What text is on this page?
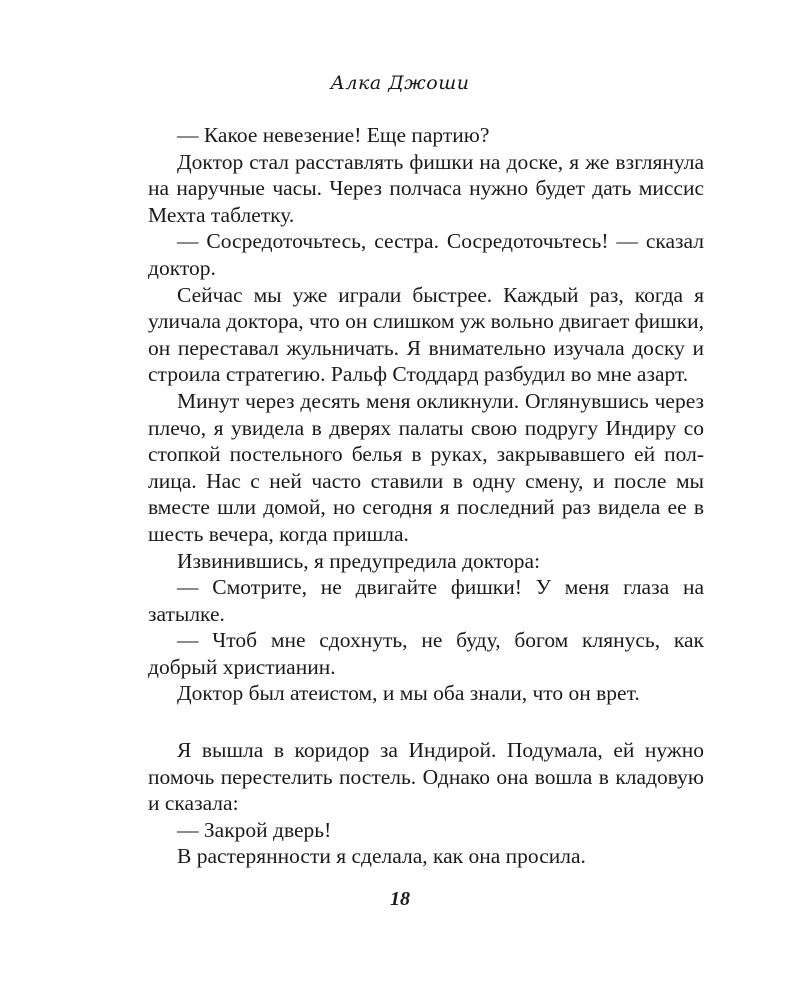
Алка Джоши

— Какое невезение! Еще партию?

Доктор стал расставлять фишки на доске, я же взглянула на наручные часы. Через полчаса нужно будет дать миссис Мехта таблетку.

— Сосредоточьтесь, сестра. Сосредоточьтесь! — сказал доктор.

Сейчас мы уже играли быстрее. Каждый раз, когда я уличала доктора, что он слишком уж вольно двигает фишки, он переставал жульничать. Я внимательно изучала доску и строила стратегию. Ральф Стоддард разбудил во мне азарт.

Минут через десять меня окликнули. Оглянувшись через плечо, я увидела в дверях палаты свою подругу Индиру со стопкой постельного белья в руках, закрывавшего ей пол-лица. Нас с ней часто ставили в одну смену, и после мы вместе шли домой, но сегодня я последний раз видела ее в шесть вечера, когда пришла.

Извинившись, я предупредила доктора:

— Смотрите, не двигайте фишки! У меня глаза на затылке.

— Чтоб мне сдохнуть, не буду, богом клянусь, как добрый христианин.

Доктор был атеистом, и мы оба знали, что он врет.

Я вышла в коридор за Индирой. Подумала, ей нужно помочь перестелить постель. Однако она вошла в кладовую и сказала:

— Закрой дверь!

В растерянности я сделала, как она просила.

18
